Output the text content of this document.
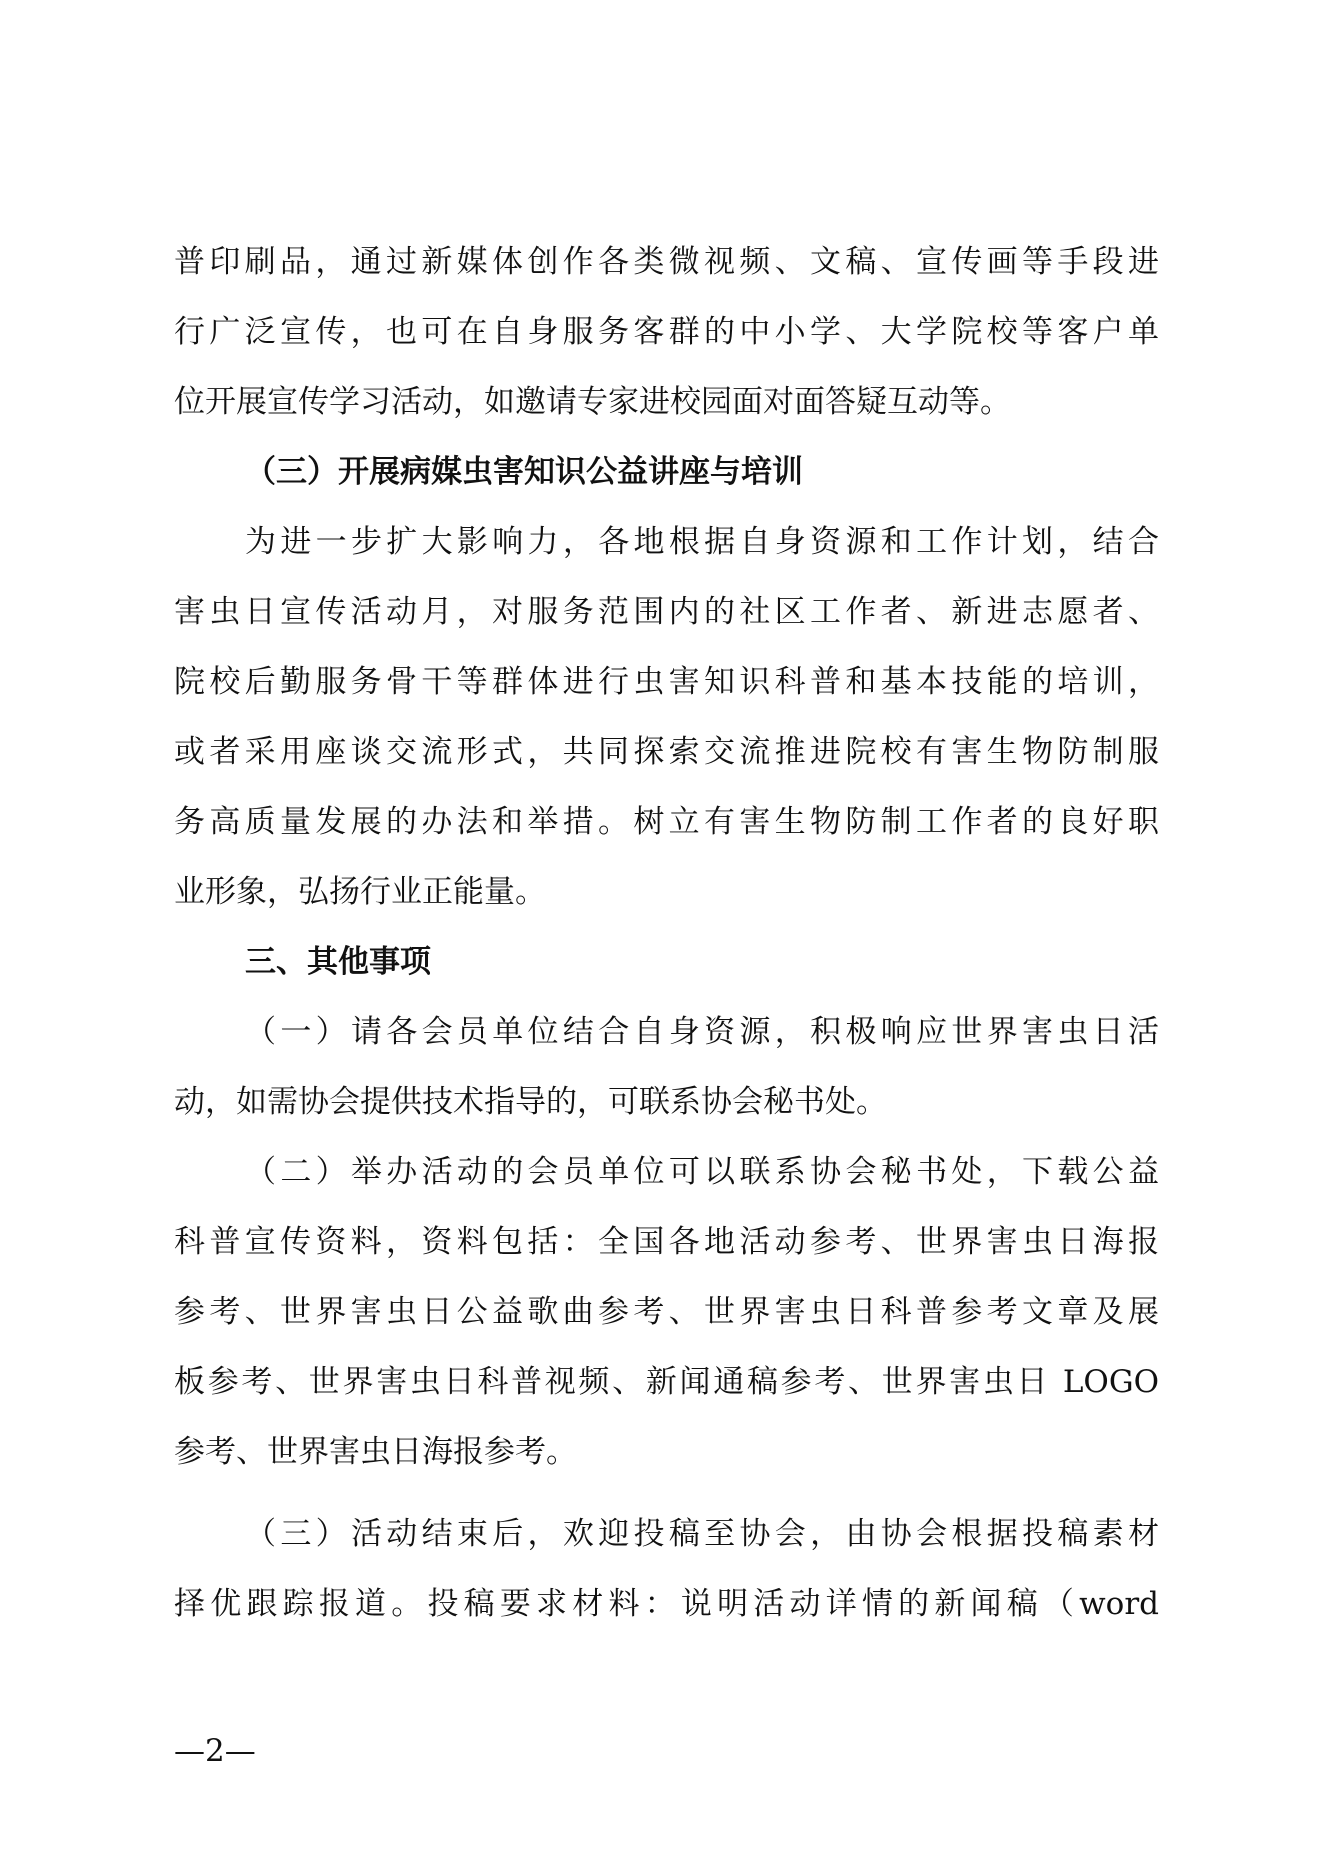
普印刷品，通过新媒体创作各类微视频、文稿、宣传画等手段进
行广泛宣传，也可在自身服务客群的中小学、大学院校等客户单
位开展宣传学习活动，如邀请专家进校园面对面答疑互动等。
（三）开展病媒虫害知识公益讲座与培训
为进一步扩大影响力，各地根据自身资源和工作计划，结合
害虫日宣传活动月，对服务范围内的社区工作者、新进志愿者、
院校后勤服务骨干等群体进行虫害知识科普和基本技能的培训，
或者采用座谈交流形式，共同探索交流推进院校有害生物防制服
务高质量发展的办法和举措。树立有害生物防制工作者的良好职
业形象，弘扬行业正能量。
三、其他事项
（一）请各会员单位结合自身资源，积极响应世界害虫日活
动，如需协会提供技术指导的，可联系协会秘书处。
（二）举办活动的会员单位可以联系协会秘书处，下载公益
科普宣传资料，资料包括：全国各地活动参考、世界害虫日海报
参考、世界害虫日公益歌曲参考、世界害虫日科普参考文章及展
板参考、世界害虫日科普视频、新闻通稿参考、世界害虫日 LOGO
参考、世界害虫日海报参考。
（三）活动结束后，欢迎投稿至协会，由协会根据投稿素材
择优跟踪报道。投稿要求材料：说明活动详情的新闻稿（word
—2—
